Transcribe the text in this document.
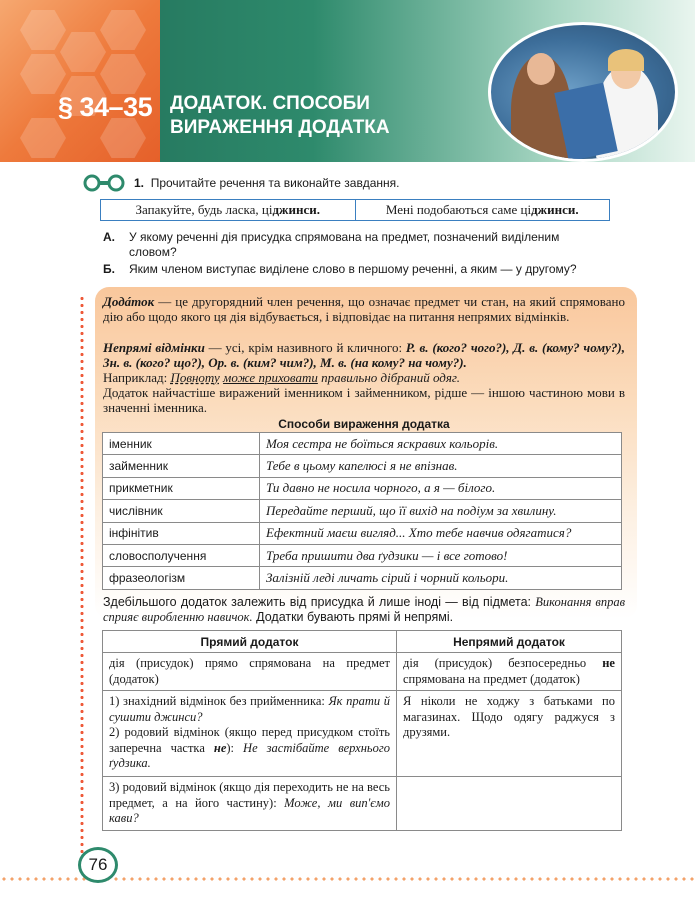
§ 34–35 ДОДАТОК. СПОСОБИ
ВИРАЖЕННЯ ДОДАТКА
1. Прочитайте речення та виконайте завдання.
Запакуйте, будь ласка, ці джинси.	Мені подобаються саме ці джинси.
А. У якому реченні дія присудка спрямована на предмет, позначений виділеним словом?
Б. Яким членом виступає виділене слово в першому реченні, а яким — у другому?
Додáток — це другорядний член речення, що означає предмет чи стан, на який спрямовано дію або щодо якого ця дія відбувається, і відповідає на питання непрямих відмінків.
Непрямі відмінки — усі, крім називного й кличного: Р. в. (кого? чого?), Д. в. (кому? чому?), Зн. в. (кого? що?), Ор. в. (ким? чим?), М. в. (на кому? на чому?).
Наприклад: Повноту може приховати правильно дібраний одяг.
Додаток найчастіше виражений іменником і займенником, рідше — іншою частиною мови в значенні іменника.
Способи вираження додатка
іменник	Моя сестра не боїться яскравих кольорів.
займенник	Тебе в цьому капелюсі я не впізнав.
прикметник	Ти давно не носила чорного, а я — білого.
числівник	Передайте перший, що її вихід на подіум за хвилину.
інфінітив	Ефектний маєш вигляд... Хто тебе навчив одягатися?
словосполучення	Треба пришити два ґудзики — і все готово!
фразеологізм	Залізній леді личать сірий і чорний кольори.
Здебільшого додаток залежить від присудка й лише іноді — від підмета: Виконання вправ сприяє виробленню навичок. Додатки бувають прямі й непрямі.
Прямий додаток	Непрямий додаток
дія (присудок) прямо спрямована на предмет (додаток)	дія (присудок) безпосередньо не спрямована на предмет (додаток)
1) знахідний відмінок без прийменника: Як прати й сушити джинси?
2) родовий відмінок (якщо перед присудком стоїть заперечна частка не): Не застібайте верхнього ґудзика.	Я ніколи не ходжу з батьками по магазинах. Щодо одягу раджуся з друзями.
3) родовий відмінок (якщо дія переходить не на весь предмет, а на його частину): Може, ми вип'ємо кави?	
76
